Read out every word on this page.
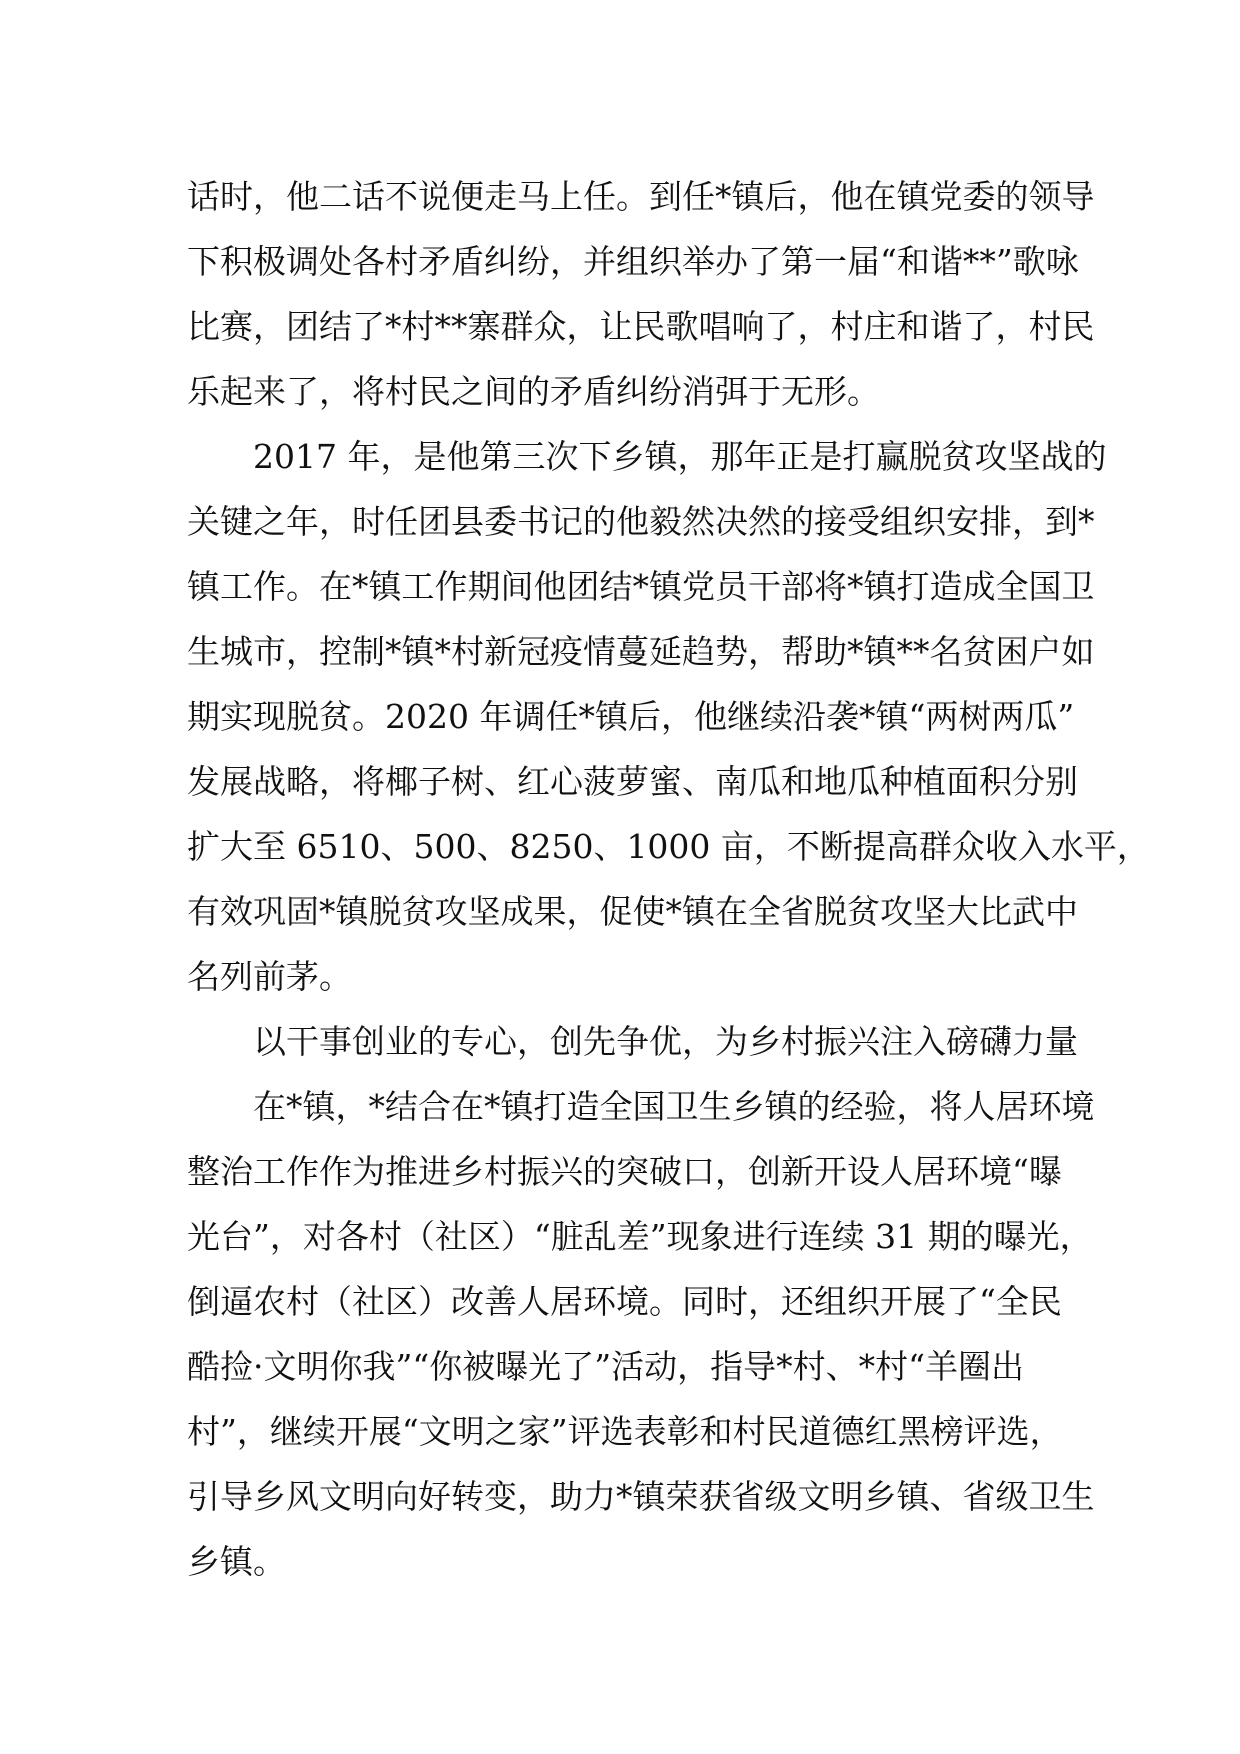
话时，他二话不说便走马上任。到任*镇后，他在镇党委的领导
下积极调处各村矛盾纠纷，并组织举办了第一届“和谐**”歌咏
比赛，团结了*村**寨群众，让民歌唱响了，村庄和谐了，村民
乐起来了，将村民之间的矛盾纠纷消弭于无形。

2017 年，是他第三次下乡镇，那年正是打赢脱贫攻坚战的
关键之年，时任团县委书记的他毅然决然的接受组织安排，到*
镇工作。在*镇工作期间他团结*镇党员干部将*镇打造成全国卫
生城市，控制*镇*村新冠疫情蔓延趋势，帮助*镇**名贫困户如
期实现脱贫。2020 年调任*镇后，他继续沿袭*镇“两树两瓜”
发展战略，将椰子树、红心菠萝蜜、南瓜和地瓜种植面积分别
扩大至 6510、500、8250、1000 亩，不断提高群众收入水平，
有效巩固*镇脱贫攻坚成果，促使*镇在全省脱贫攻坚大比武中
名列前茅。

以干事创业的专心，创先争优，为乡村振兴注入磅礴力量

在*镇，*结合在*镇打造全国卫生乡镇的经验，将人居环境
整治工作作为推进乡村振兴的突破口，创新开设人居环境“曝
光台”，对各村（社区）“脏乱差”现象进行连续 31 期的曝光，
倒逼农村（社区）改善人居环境。同时，还组织开展了“全民
酷捡·文明你我”“你被曝光了”活动，指导*村、*村“羊圈出
村”，继续开展“文明之家”评选表彰和村民道德红黑榜评选，
引导乡风文明向好转变，助力*镇荣获省级文明乡镇、省级卫生
乡镇。
